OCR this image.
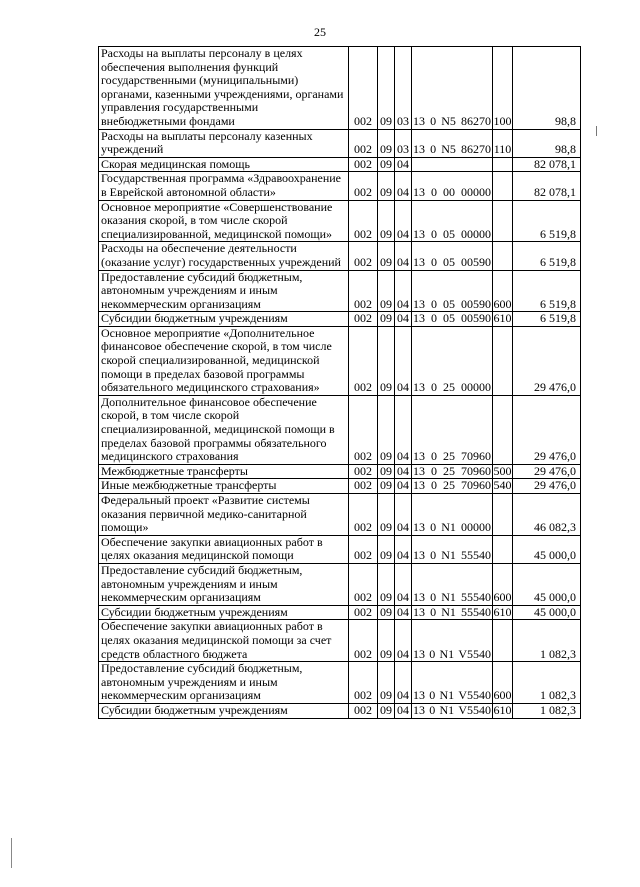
25
Расходы на выплаты персоналу в целях обеспечения выполнения функций государственными (муниципальными) органами, казенными учреждениями, органами управления государственными внебюджетными фондами	002	09	03	13 0 N5 86270	100	98,8
Расходы на выплаты персоналу казенных учреждений	002	09	03	13 0 N5 86270	110	98,8
Скорая медицинская помощь	002	09	04			82 078,1
Государственная программа «Здравоохранение в Еврейской автономной области»	002	09	04	13 0 00 00000		82 078,1
Основное мероприятие «Совершенствование оказания скорой, в том числе скорой специализированной, медицинской помощи»	002	09	04	13 0 05 00000		6 519,8
Расходы на обеспечение деятельности (оказание услуг) государственных учреждений	002	09	04	13 0 05 00590		6 519,8
Предоставление субсидий бюджетным, автономным учреждениям и иным некоммерческим организациям	002	09	04	13 0 05 00590	600	6 519,8
Субсидии бюджетным учреждениям	002	09	04	13 0 05 00590	610	6 519,8
Основное мероприятие «Дополнительное финансовое обеспечение скорой, в том числе скорой специализированной, медицинской помощи в пределах базовой программы обязательного медицинского страхования»	002	09	04	13 0 25 00000		29 476,0
Дополнительное финансовое обеспечение скорой, в том числе скорой специализированной, медицинской помощи в пределах базовой программы обязательного медицинского страхования	002	09	04	13 0 25 70960		29 476,0
Межбюджетные трансферты	002	09	04	13 0 25 70960	500	29 476,0
Иные межбюджетные трансферты	002	09	04	13 0 25 70960	540	29 476,0
Федеральный проект «Развитие системы оказания первичной медико-санитарной помощи»	002	09	04	13 0 N1 00000		46 082,3
Обеспечение закупки авиационных работ в целях оказания медицинской помощи	002	09	04	13 0 N1 55540		45 000,0
Предоставление субсидий бюджетным, автономным учреждениям и иным некоммерческим организациям	002	09	04	13 0 N1 55540	600	45 000,0
Субсидии бюджетным учреждениям	002	09	04	13 0 N1 55540	610	45 000,0
Обеспечение закупки авиационных работ в целях оказания медицинской помощи за счет средств областного бюджета	002	09	04	13 0 N1 V5540		1 082,3
Предоставление субсидий бюджетным, автономным учреждениям и иным некоммерческим организациям	002	09	04	13 0 N1 V5540	600	1 082,3
Субсидии бюджетным учреждениям	002	09	04	13 0 N1 V5540	610	1 082,3
